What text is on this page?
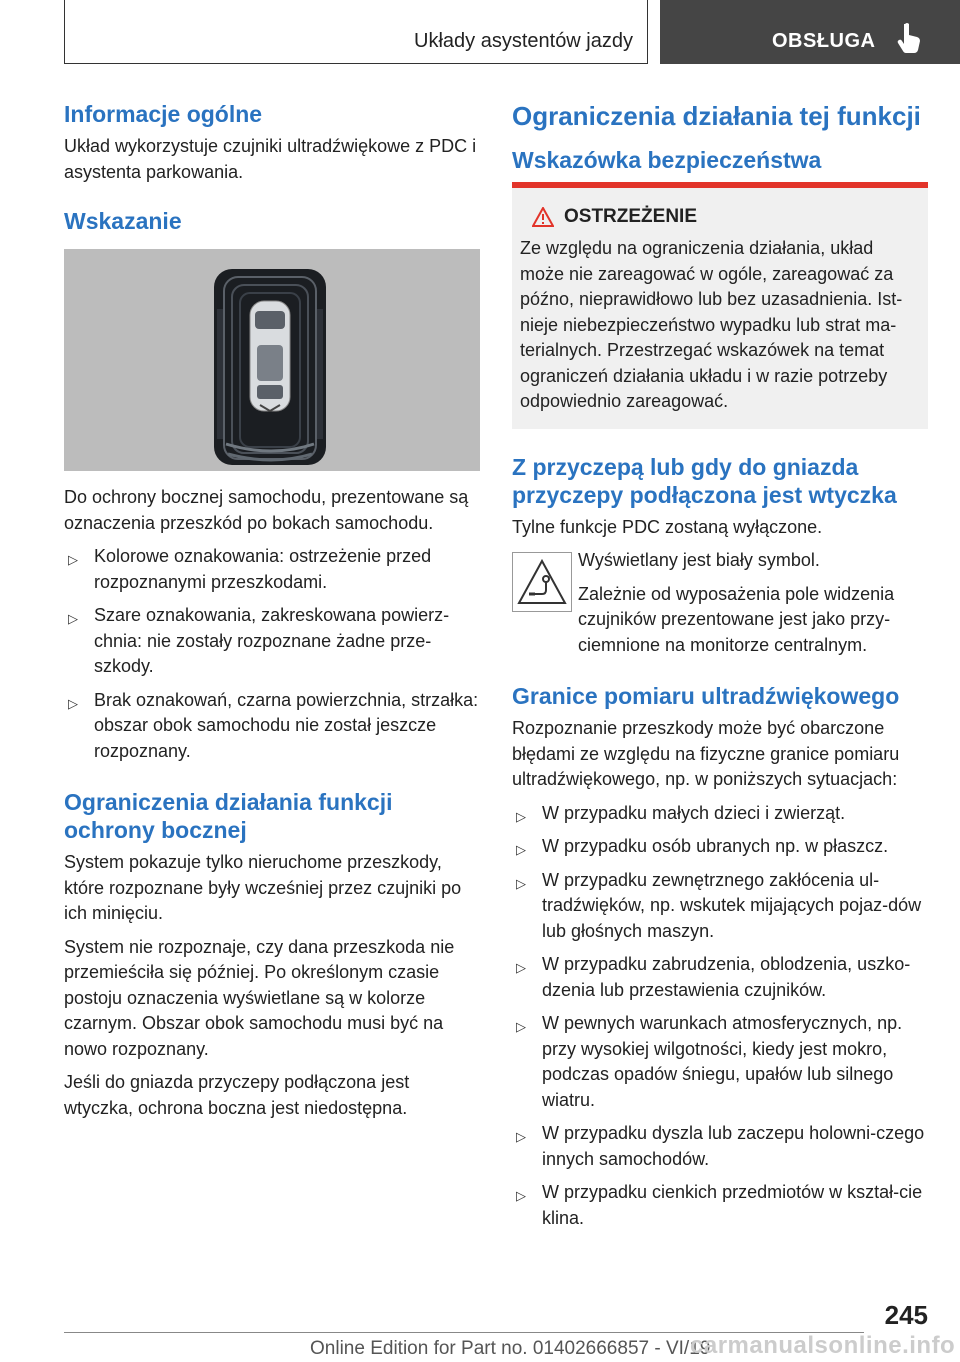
Układy asystentów jazdy	OBSŁUGA
Informacje ogólne

Układ wykorzystuje czujniki ultradźwiękowe z PDC i asystenta parkowania.

Wskazanie

Do ochrony bocznej samochodu, prezentowane są oznaczenia przeszkód po bokach samochodu.

▷ Kolorowe oznakowania: ostrzeżenie przed rozpoznanymi przeszkodami.
▷ Szare oznakowania, zakreskowana powierz‐chnia: nie zostały rozpoznane żadne prze‐szkody.
▷ Brak oznakowań, czarna powierzchnia, strzałka: obszar obok samochodu nie został jeszcze rozpoznany.
Ograniczenia działania funkcji ochrony bocznej

System pokazuje tylko nieruchome przeszkody, które rozpoznane były wcześniej przez czujniki po ich minięciu.

System nie rozpoznaje, czy dana przeszkoda nie przemieściła się później. Po określonym czasie postoju oznaczenia wyświetlane są w kolorze czarnym. Obszar obok samochodu musi być na nowo rozpoznany.

Jeśli do gniazda przyczepy podłączona jest wtyczka, ochrona boczna jest niedostępna.

Ograniczenia działania tej funkcji
Wskazówka bezpieczeństwa
OSTRZEŻENIE

Ze względu na ograniczenia działania, układ może nie zareagować w ogóle, zareagować za późno, nieprawidłowo lub bez uzasadnienia. Ist‐nieje niebezpieczeństwo wypadku lub strat ma‐terialnych. Przestrzegać wskazówek na temat ograniczeń działania układu i w razie potrzeby odpowiednio zareagować.

Z przyczepą lub gdy do gniazda przyczepy podłączona jest wtyczka

Tylne funkcje PDC zostaną wyłączone.

Wyświetlany jest biały symbol.

Zależnie od wyposażenia pole widzenia czujników prezentowane jest jako przy‐ciemnione na monitorze centralnym.

Granice pomiaru ultradźwiękowego

Rozpoznanie przeszkody może być obarczone błędami ze względu na fizyczne granice pomiaru ultradźwiękowego, np. w poniższych sytuacjach:

▷ W przypadku małych dzieci i zwierząt.
▷ W przypadku osób ubranych np. w płaszcz.
▷ W przypadku zewnętrznego zakłócenia ul‐tradźwięków, np. wskutek mijających pojaz‐dów lub głośnych maszyn.
▷ W przypadku zabrudzenia, oblodzenia, uszko‐dzenia lub przestawienia czujników.
▷ W pewnych warunkach atmosferycznych, np. przy wysokiej wilgotności, kiedy jest mokro, podczas opadów śniegu, upałów lub silnego wiatru.
▷ W przypadku dyszla lub zaczepu holowni‐czego innych samochodów.
▷ W przypadku cienkich przedmiotów w kształ‐cie klina.
245
Online Edition for Part no. 01402666857 - VI/19
carmanualsonline.info
